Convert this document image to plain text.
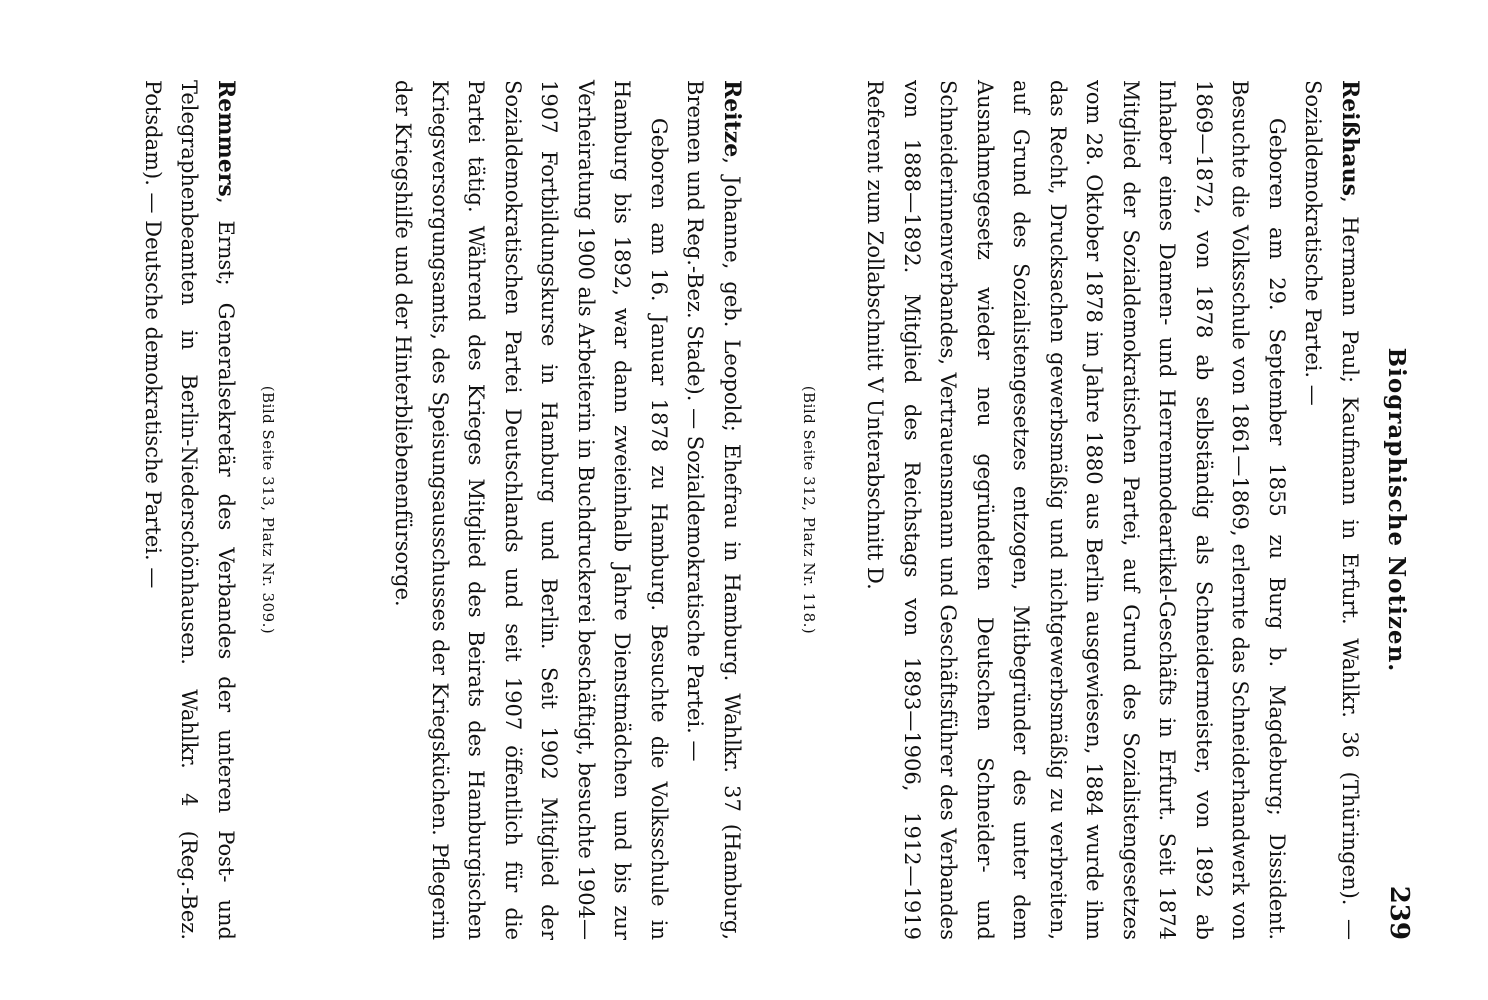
Biographische Notizen.
239

Reißhaus, Hermann Paul; Kaufmann in Erfurt. Wahlkr. 36 (Thüringen). — Sozialdemokratische Partei. —

Geboren am 29. September 1855 zu Burg b. Magdeburg; Dissident. Besuchte die Volksschule von 1861—1869, erlernte das Schneiderhandwerk von 1869—1872, von 1878 ab selbständig als Schneidermeister, von 1892 ab Inhaber eines Damen- und Herrenmodeartikel-Geschäfts in Erfurt. Seit 1874 Mitglied der Sozialdemokratischen Partei, auf Grund des Sozialistengesetzes vom 28. Oktober 1878 im Jahre 1880 aus Berlin ausgewiesen, 1884 wurde ihm das Recht, Drucksachen gewerbsmäßig und nichtgewerbsmäßig zu verbreiten, auf Grund des Sozialistengesetzes entzogen, Mitbegründer des unter dem Ausnahmegesetz wieder neu gegründeten Deutschen Schneider- und Schneiderinnenverbandes, Vertrauensmann und Geschäftsführer des Verbandes von 1888—1892. Mitglied des Reichstags von 1893—1906, 1912—1919 Referent zum Zollabschnitt V Unterabschnitt D.

(Bild Seite 312, Platz Nr. 118.)

Reitze, Johanne, geb. Leopold; Ehefrau in Hamburg. Wahlkr. 37 (Hamburg, Bremen und Reg.-Bez. Stade). — Sozialdemokratische Partei. —

Geboren am 16. Januar 1878 zu Hamburg. Besuchte die Volksschule in Hamburg bis 1892, war dann zweieinhalb Jahre Dienstmädchen und bis zur Verheiratung 1900 als Arbeiterin in Buchdruckerei beschäftigt, besuchte 1904—1907 Fortbildungskurse in Hamburg und Berlin. Seit 1902 Mitglied der Sozialdemokratischen Partei Deutschlands und seit 1907 öffentlich für die Partei tätig. Während des Krieges Mitglied des Beirats des Hamburgischen Kriegsversorgungsamts, des Speisungsausschusses der Kriegsküchen. Pflegerin der Kriegshilfe und der Hinterbliebenenfürsorge.

(Bild Seite 313, Platz Nr. 309.)

Remmers, Ernst; Generalsekretär des Verbandes der unteren Post- und Telegraphenbeamten in Berlin-Niederschönhausen. Wahlkr. 4 (Reg.-Bez. Potsdam). — Deutsche demokratische Partei. —
